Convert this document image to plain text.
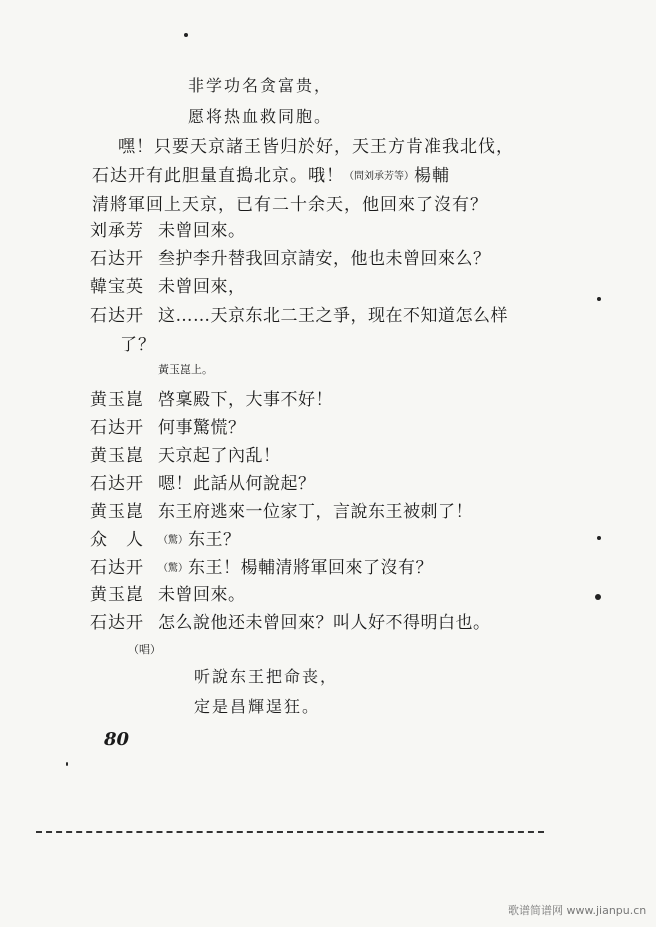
非学功名贪富贵，
愿将热血救同胞。
嘿！只要天京諸王皆归於好，天王方肯准我北伐，
石达开有此胆量直搗北京。哦！（問刘承芳等）楊輔
清將軍回上天京，已有二十余天，他回來了沒有？
刘承芳 未曾回來。
石达开 叁护李升替我回京請安，他也未曾回來么？
韓宝英 未曾回來，
石达开 这……天京东北二王之爭，现在不知道怎么样
了？
黃玉崑上。
黄玉崑 啓稟殿下，大事不好！
石达开 何事驚慌？
黄玉崑 天京起了內乱！
石达开 嗯！此話从何說起？
黄玉崑 东王府逃來一位家丁，言說东王被刺了！
众　人 （驚）东王？
石达开 （驚）东王！楊輔清將軍回來了沒有？
黄玉崑 未曾回來。
石达开 怎么說他还未曾回來？叫人好不得明白也。
（唱）
听說东王把命丧，
定是昌輝逞狂。
80
歌谱简谱网 www.jianpu.cn
